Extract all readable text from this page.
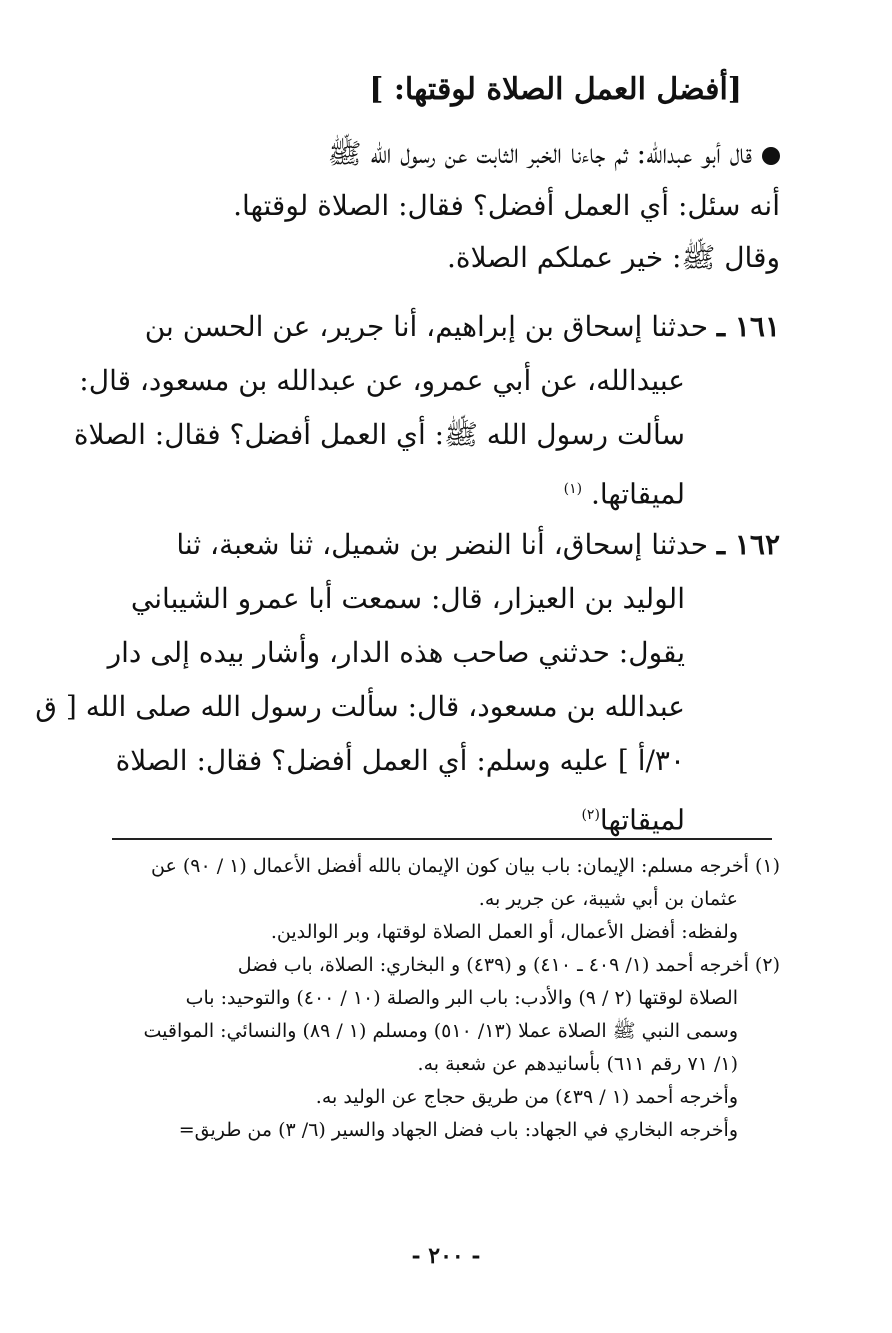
[أفضل العمل الصلاة لوقتها: ]
قال أبو عبدالله: ثم جاءنا الخبر الثابت عن رسول الله ﷺ
أنه سئل: أي العمل أفضل؟ فقال: الصلاة لوقتها.
وقال ﷺ: خير عملكم الصلاة.
١٦١ ـ حدثنا إسحاق بن إبراهيم، أنا جرير، عن الحسن بن
عبيدالله، عن أبي عمرو، عن عبدالله بن مسعود، قال:
سألت رسول الله ﷺ: أي العمل أفضل؟ فقال: الصلاة
لميقاتها. $^{(١)}$
١٦٢ ـ حدثنا إسحاق، أنا النضر بن شميل، ثنا شعبة، ثنا
الوليد بن العيزار، قال: سمعت أبا عمرو الشيباني
يقول: حدثني صاحب هذه الدار، وأشار بيده إلى دار
عبدالله بن مسعود، قال: سألت رسول الله صلى الله [ ق
٣٠/أ ] عليه وسلم: أي العمل أفضل؟ فقال: الصلاة
لميقاتها$^{(٢)}$
(١) أخرجه مسلم: الإيمان: باب بيان كون الإيمان بالله أفضل الأعمال (١ / ٩٠) عن
عثمان بن أبي شيبة، عن جرير به.
ولفظه: أفضل الأعمال، أو العمل الصلاة لوقتها، وبر الوالدين.
(٢) أخرجه أحمد (١/ ٤٠٩ ـ ٤١٠) و (٤٣٩) و البخاري: الصلاة، باب فضل
الصلاة لوقتها (٢ / ٩) والأدب: باب البر والصلة (١٠ / ٤٠٠) والتوحيد: باب
وسمى النبي ﷺ الصلاة عملا (١٣/ ٥١٠) ومسلم (١ / ٨٩) والنسائي: المواقيت
(١/ ٧١ رقم ٦١١) بأسانيدهم عن شعبة به.
وأخرجه أحمد (١ / ٤٣٩) من طريق حجاج عن الوليد به.
وأخرجه البخاري في الجهاد: باب فضل الجهاد والسير (٦/ ٣) من طريق=
- ٢٠٠ -
